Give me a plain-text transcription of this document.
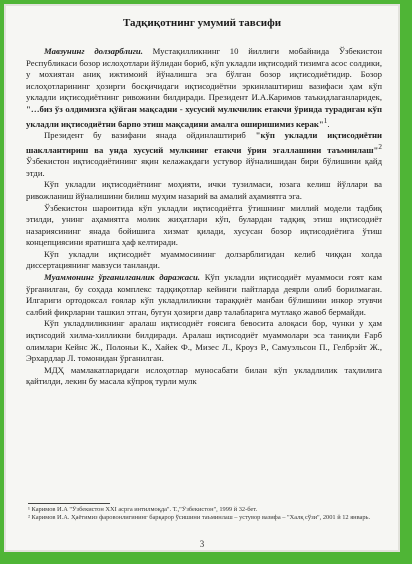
Тадқиқотнинг умумий тавсифи

Мавзунинг долзарблиги. Мустақилликнинг 10 йиллиги мобайнида Ўзбекистон Республикаси бозор ислоҳотлари йўлидан бориб, кўп укладли иқтисодий тизимга асос солдики, у мохиятан аниқ ижтимоий йўналишга эга бўлган бозор иқтисодиётидир. Бозор ислоҳотларининг ҳозирги босқичидаги иқтисодиётни эркинлаштириш вазифаси ҳам кўп укладли иқтисодиётнинг ривожини билдиради. Президент И.А.Каримов таъкидлаганларидек, "…биз ўз олдимизга қўйган мақсадни - хусусий мулкчилик етакчи ўринда турадиган кўп укладли иқтисодиётни барпо этиш мақсадини амалга оширишимиз керак"$^1$.

Президент бу вазифани янада ойдинлаштириб "кўп укладли иқтисодиётни шакллантириш ва унда хусусий мулкнинг етакчи ўрин эгаллашини таъминлаш"$^2$ Ўзбекистон иқтисодиётининг яқин келажакдаги устувор йўналишидан бири бўлишини қайд этди.

Кўп укладли иқтисодиётнинг моҳияти, ички тузилмаси, юзага келиш йўллари ва ривожланиш йўналишини билиш муҳим назарий ва амалий аҳамиятга эга.

Ўзбекистон шароитида кўп укладли иқтисодиётга ўтишнинг миллий модели тадбиқ этилди, унинг аҳамиятга молик жиҳатлари кўп, булардан тадқиқ этиш иқтисодиёт назариясининг янада бойишига хизмат қилади, хусусан бозор иқтисодиётига ўтиш концепциясини яратишга ҳаф келтиради.

Кўп укладли иқтисодиёт муаммосининг долзарблигидан келиб чиққан холда диссертациянинг мавзуси танланди.

Муаммонинг ўрганилганлик даражаси. Кўп укладли иқтисодиёт муаммоси ғоят кам ўрганилган, бу соҳада комплекс тадқиқотлар кейинги пайтларда деярли олиб борилмаган. Илгариги ортодоксал ғоялар кўп укладлиликни тараққиёт манбаи бўлишини инкор этувчи салбий фикрларни ташкил этган, бугун ҳозирги давр талабларига мутлақо жавоб бермайди.

Кўп укладлиликнинг аралаш иқтисодиёт ғоясига бевосита алоқаси бор, чунки у ҳам иқтисодий хилма-хилликни билдиради. Аралаш иқтисодиёт муаммолари эса таниқли Ғарб олимлари Кейнс Ж., Полоньи К., Хайек Ф., Мизес Л., Кроуз Р., Самуэльсон П., Гелбрэйт Ж., Эрхардлар Л. томонидан ўрганилган.

МДҲ мамлакатларидаги ислоҳотлар муносабати билан кўп укладлилик таҳлилига қайтилди, лекин бу масала кўпроқ турли мулк

¹ Каримов И.А "Ўзбекистон ХХI асрга интилмоқда". Т.,"Ўзбекистон", 1999 й 32-бет.
² Каримов И.А. Ҳаётимиз фаровонлигининг барқарор ўсишини таъминлаш – устувор вазифа – "Халқ сўзи", 2001 й 12 январь.
3
